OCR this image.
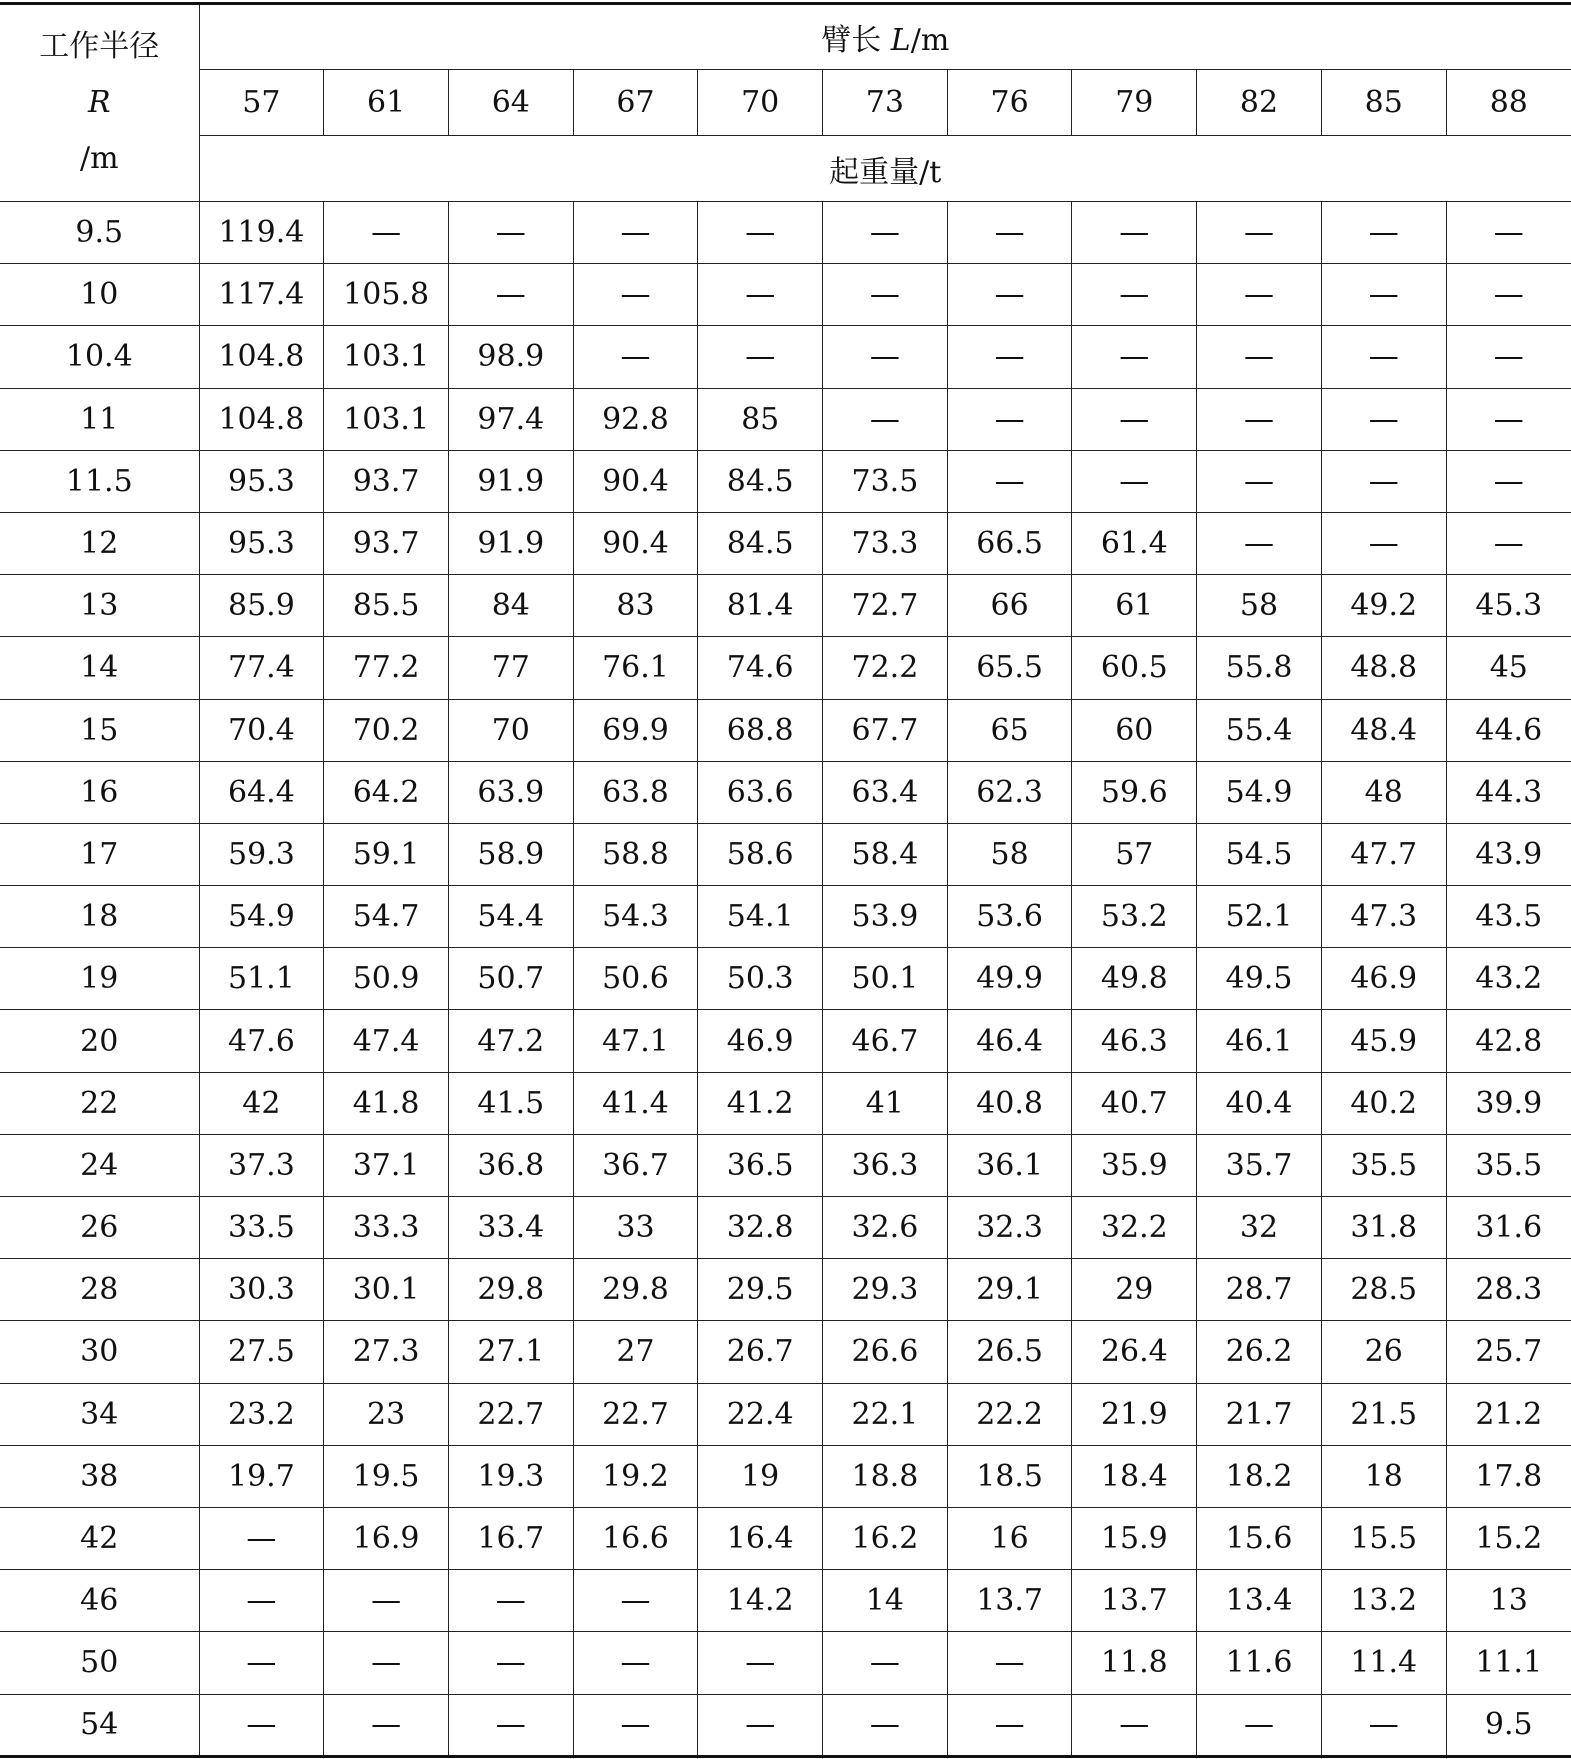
工作半径
R
/m	臂长 L/m										
	57	61	64	67	70	73	76	79	82	85	88
	起重量/t										
9.5	119.4	—	—	—	—	—	—	—	—	—	—
10	117.4	105.8	—	—	—	—	—	—	—	—	—
10.4	104.8	103.1	98.9	—	—	—	—	—	—	—	—
11	104.8	103.1	97.4	92.8	85	—	—	—	—	—	—
11.5	95.3	93.7	91.9	90.4	84.5	73.5	—	—	—	—	—
12	95.3	93.7	91.9	90.4	84.5	73.3	66.5	61.4	—	—	—
13	85.9	85.5	84	83	81.4	72.7	66	61	58	49.2	45.3
14	77.4	77.2	77	76.1	74.6	72.2	65.5	60.5	55.8	48.8	45
15	70.4	70.2	70	69.9	68.8	67.7	65	60	55.4	48.4	44.6
16	64.4	64.2	63.9	63.8	63.6	63.4	62.3	59.6	54.9	48	44.3
17	59.3	59.1	58.9	58.8	58.6	58.4	58	57	54.5	47.7	43.9
18	54.9	54.7	54.4	54.3	54.1	53.9	53.6	53.2	52.1	47.3	43.5
19	51.1	50.9	50.7	50.6	50.3	50.1	49.9	49.8	49.5	46.9	43.2
20	47.6	47.4	47.2	47.1	46.9	46.7	46.4	46.3	46.1	45.9	42.8
22	42	41.8	41.5	41.4	41.2	41	40.8	40.7	40.4	40.2	39.9
24	37.3	37.1	36.8	36.7	36.5	36.3	36.1	35.9	35.7	35.5	35.5
26	33.5	33.3	33.4	33	32.8	32.6	32.3	32.2	32	31.8	31.6
28	30.3	30.1	29.8	29.8	29.5	29.3	29.1	29	28.7	28.5	28.3
30	27.5	27.3	27.1	27	26.7	26.6	26.5	26.4	26.2	26	25.7
34	23.2	23	22.7	22.7	22.4	22.1	22.2	21.9	21.7	21.5	21.2
38	19.7	19.5	19.3	19.2	19	18.8	18.5	18.4	18.2	18	17.8
42	—	16.9	16.7	16.6	16.4	16.2	16	15.9	15.6	15.5	15.2
46	—	—	—	—	14.2	14	13.7	13.7	13.4	13.2	13
50	—	—	—	—	—	—	—	11.8	11.6	11.4	11.1
54	—	—	—	—	—	—	—	—	—	—	9.5
